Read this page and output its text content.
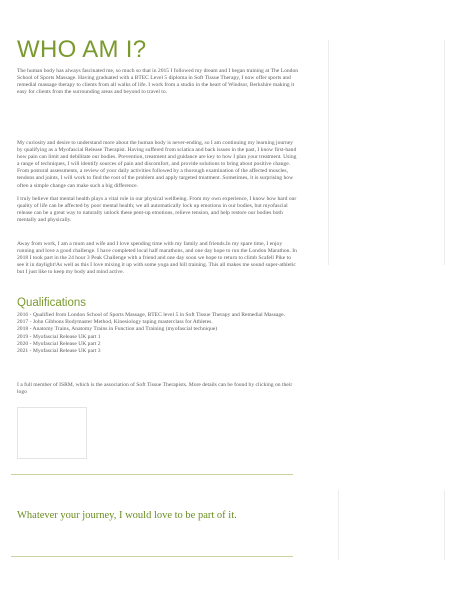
WHO AM I?

The human body has always fascinated me, so much so that in 2015 I followed my dream and I began training at The London School of Sports Massage. Having graduated with a BTEC Level 5 diploma in Soft Tissue Therapy, I now offer sports and remedial massage therapy to clients from all walks of life. I work from a studio in the heart of Windsor, Berkshire making it easy for clients from the surrounding areas and beyond to travel to.

My curiosity and desire to understand more about the human body is never-ending, so I am continuing my learning journey by qualifying as a Myofascial Release Therapist. Having suffered from sciatica and back issues in the past, I know first-hand how pain can limit and debilitate our bodies. Prevention, treatment and guidance are key to how I plan your treatment. Using a range of techniques, I will identify sources of pain and discomfort, and provide solutions to bring about positive change. From postural assessments, a review of your daily activities followed by a thorough examination of the affected muscles, tendons and joints, I will work to find the root of the problem and apply targeted treatment. Sometimes, it is surprising how often a simple change can make such a big difference.

I truly believe that mental health plays a vital role in our physical wellbeing. From my own experience, I know how hard our quality of life can be affected by poor mental health; we all automatically lock up emotions in our bodies, but myofascial release can be a great way to naturally unlock these pent-up emotions, relieve tension, and help restore our bodies both mentally and physically.

Away from work, I am a mum and wife and I love spending time with my family and friends.In my spare time, I enjoy running and love a good challenge. I have completed local half marathons, and one day hope to run the London Marathon. In 2018 I took part in the 24 hour 3 Peak Challenge with a friend and one day soon we hope to return to climb Scafell Pike to see it in daylight!As well as this I love mixing it up with some yoga and hill training. This all makes me sound super-athletic but I just like to keep my body and mind active.

Qualifications
2016 - Qualified from London School of Sports Massage, BTEC level 5 in Soft Tissue Therapy and Remedial Massage.
2017 - John Gibbons Bodymaster Method, Kinesiology taping masterclass for Athletes.
2018 - Anatomy Trains, Anatomy Trains in Function and Training (myofascial technique)
2019 - Myofascial Release UK part 1
2020 - Myofascial Release UK part 2
2021 - Myofascial Release UK part 3

I a full member of ISRM, which is the association of Soft Tissue Therapists. More details can be found by clicking on their logo

Whatever your journey, I would love to be part of it.
